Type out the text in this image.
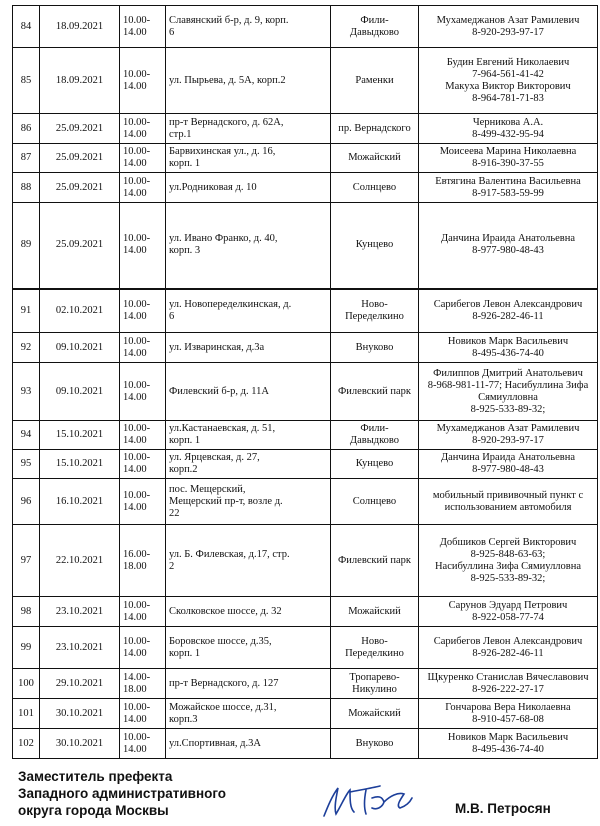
84	18.09.2021	10.00-
14.00	Славянский б-р, д. 9, корп.
6	Фили-
Давыдково	Мухамеджанов Азат Рамилевич
8-920-293-97-17
85	18.09.2021	10.00-
14.00	ул. Пырьева, д. 5А, корп.2	Раменки	Будин Евгений Николаевич
7-964-561-41-42
Макуха Виктор Викторович
8-964-781-71-83
86	25.09.2021	10.00-
14.00	пр-т Вернадского, д. 62А,
стр.1	пр. Вернадского	Черникова А.А.
8-499-432-95-94
87	25.09.2021	10.00-
14.00	Барвихинская ул., д. 16,
корп. 1	Можайский	Моисеева Марина Николаевна
8-916-390-37-55
88	25.09.2021	10.00-
14.00	ул.Родниковая д. 10	Солнцево	Евтягина Валентина Васильевна
8-917-583-59-99
89	25.09.2021	10.00-
14.00	ул. Ивано Франко, д. 40,
корп. 3	Кунцево	Данчина Ираида Анатольевна
8-977-980-48-43
91	02.10.2021	10.00-
14.00	ул. Новопеределкинская, д.
6	Ново-
Переделкино	Сарибегов Левон Александрович
8-926-282-46-11
92	09.10.2021	10.00-
14.00	ул. Изваринская, д.3а	Внуково	Новиков Марк Васильевич
8-495-436-74-40
93	09.10.2021	10.00-
14.00	Филевский б-р, д. 11А	Филевский парк	Филиппов Дмитрий Анатольевич
8-968-981-11-77; Насибуллина Зифа
Сямиулловна
8-925-533-89-32;
94	15.10.2021	10.00-
14.00	ул.Кастанаевская, д. 51,
корп. 1	Фили-
Давыдково	Мухамеджанов Азат Рамилевич
8-920-293-97-17
95	15.10.2021	10.00-
14.00	ул. Ярцевская, д. 27,
корп.2	Кунцево	Данчина Ираида Анатольевна
8-977-980-48-43
96	16.10.2021	10.00-
14.00	пос. Мещерский,
Мещерский пр-т, возле д.
22	Солнцево	мобильный прививочный пункт с
использованием автомобиля
97	22.10.2021	16.00-
18.00	ул. Б. Филевская, д.17, стр.
2	Филевский парк	Добшиков Сергей Викторович
8-925-848-63-63;
Насибуллина Зифа Сямиулловна
8-925-533-89-32;
98	23.10.2021	10.00-
14.00	Сколковское шоссе, д. 32	Можайский	Сарунов Эдуард Петрович
8-922-058-77-74
99	23.10.2021	10.00-
14.00	Боровское шоссе, д.35,
корп. 1	Ново-
Переделкино	Сарибегов Левон Александрович
8-926-282-46-11
100	29.10.2021	14.00-
18.00	пр-т Вернадского, д. 127	Тропарево-
Никулино	Щкуренко Станислав Вячеславович
8-926-222-27-17
101	30.10.2021	10.00-
14.00	Можайское шоссе, д.31,
корп.3	Можайский	Гончарова Вера Николаевна
8-910-457-68-08
102	30.10.2021	10.00-
14.00	ул.Спортивная, д.3А	Внуково	Новиков Марк Васильевич
8-495-436-74-40
Заместитель префекта
Западного административного
округа города Москвы	М.В. Петросян
